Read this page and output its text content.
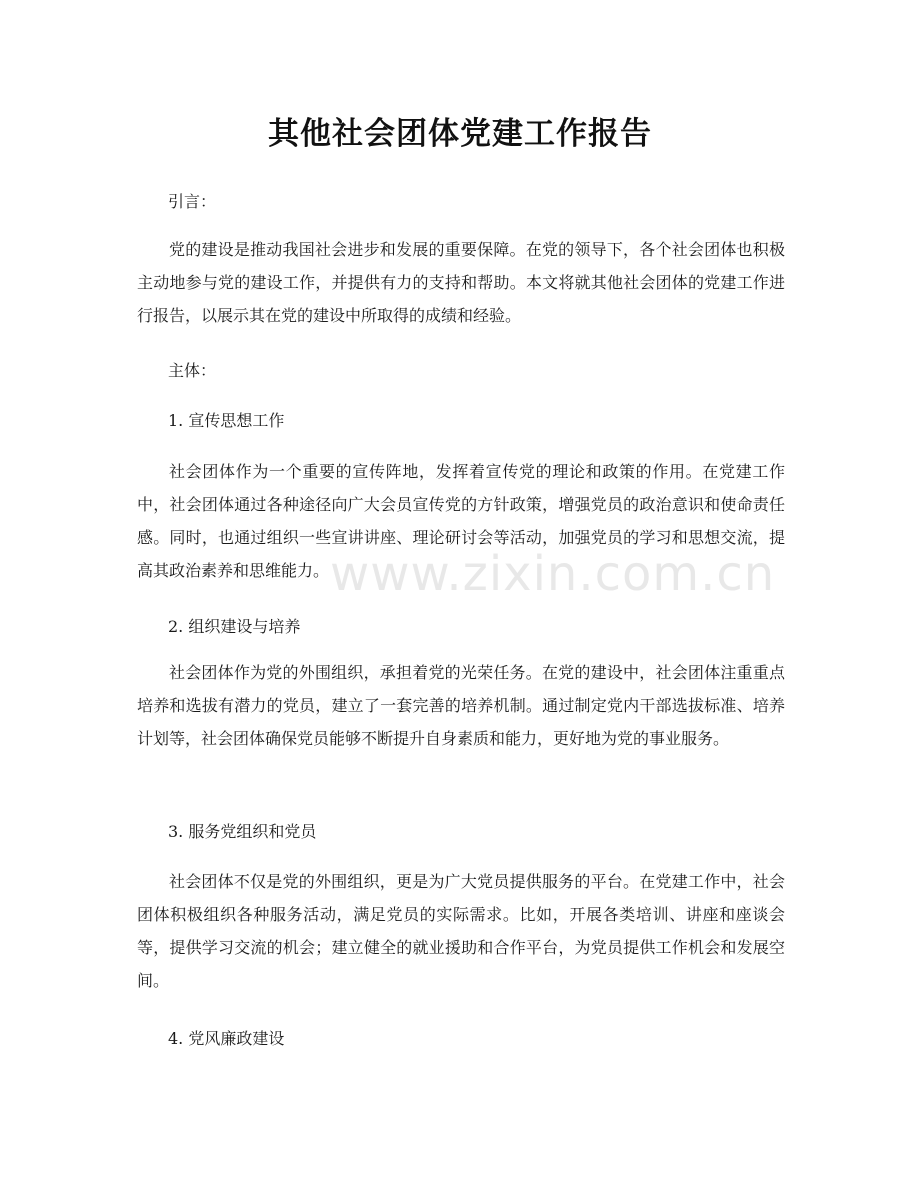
其他社会团体党建工作报告

引言：

党的建设是推动我国社会进步和发展的重要保障。在党的领导下，各个社会团体也积极主动地参与党的建设工作，并提供有力的支持和帮助。本文将就其他社会团体的党建工作进行报告，以展示其在党的建设中所取得的成绩和经验。

主体：

1. 宣传思想工作

社会团体作为一个重要的宣传阵地，发挥着宣传党的理论和政策的作用。在党建工作中，社会团体通过各种途径向广大会员宣传党的方针政策，增强党员的政治意识和使命责任感。同时，也通过组织一些宣讲讲座、理论研讨会等活动，加强党员的学习和思想交流，提高其政治素养和思维能力。

2. 组织建设与培养

社会团体作为党的外围组织，承担着党的光荣任务。在党的建设中，社会团体注重重点培养和选拔有潜力的党员，建立了一套完善的培养机制。通过制定党内干部选拔标准、培养计划等，社会团体确保党员能够不断提升自身素质和能力，更好地为党的事业服务。

3. 服务党组织和党员

社会团体不仅是党的外围组织，更是为广大党员提供服务的平台。在党建工作中，社会团体积极组织各种服务活动，满足党员的实际需求。比如，开展各类培训、讲座和座谈会等，提供学习交流的机会；建立健全的就业援助和合作平台，为党员提供工作机会和发展空间。

4. 党风廉政建设

www.zixin.com.cn
